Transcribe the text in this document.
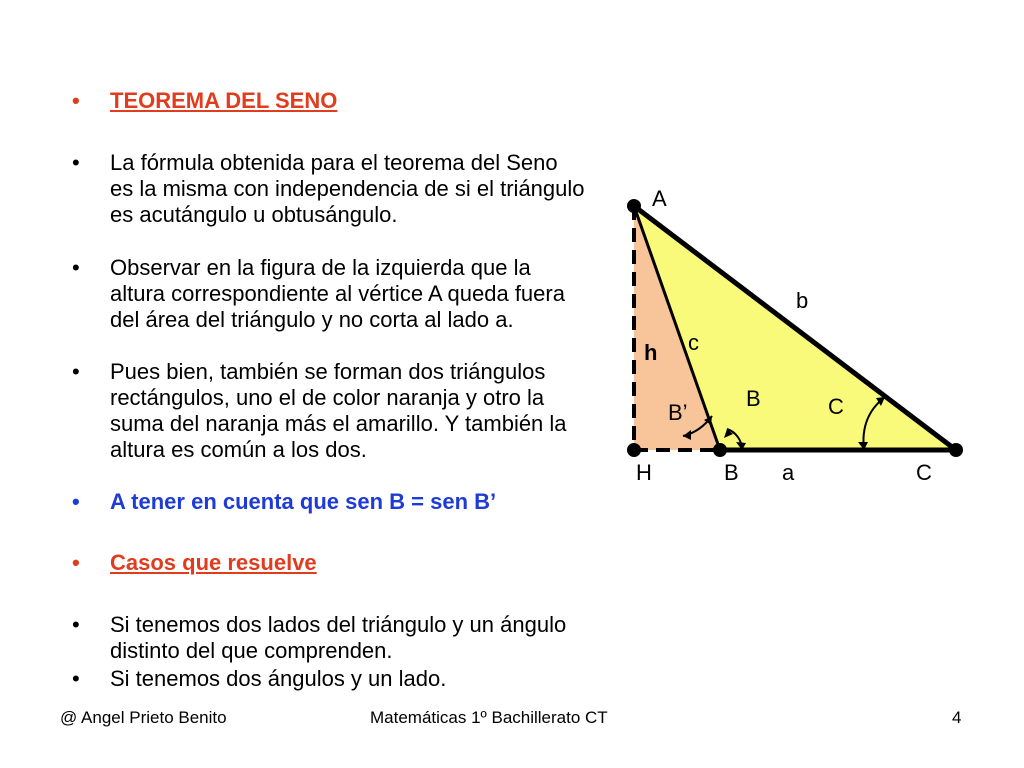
• TEOREMA DEL SENO
• La fórmula obtenida para el teorema del Seno es la misma con independencia de si el triángulo es acutángulo u obtusángulo.
• Observar en la figura de la izquierda que la altura correspondiente al vértice A queda fuera del área del triángulo y no corta al lado a.
• Pues bien, también se forman dos triángulos rectángulos, uno el de color naranja y otro la suma del naranja más el amarillo. Y también la altura es común a los dos.
• A tener en cuenta que sen B = sen B’
• Casos que resuelve
• Si tenemos dos lados del triángulo y un ángulo distinto del que comprenden.
• Si tenemos dos ángulos y un lado.
A
H	B	C
a
b
c
h
B
B’	C
@ Angel Prieto Benito	Matemáticas 1º Bachillerato CT	4
